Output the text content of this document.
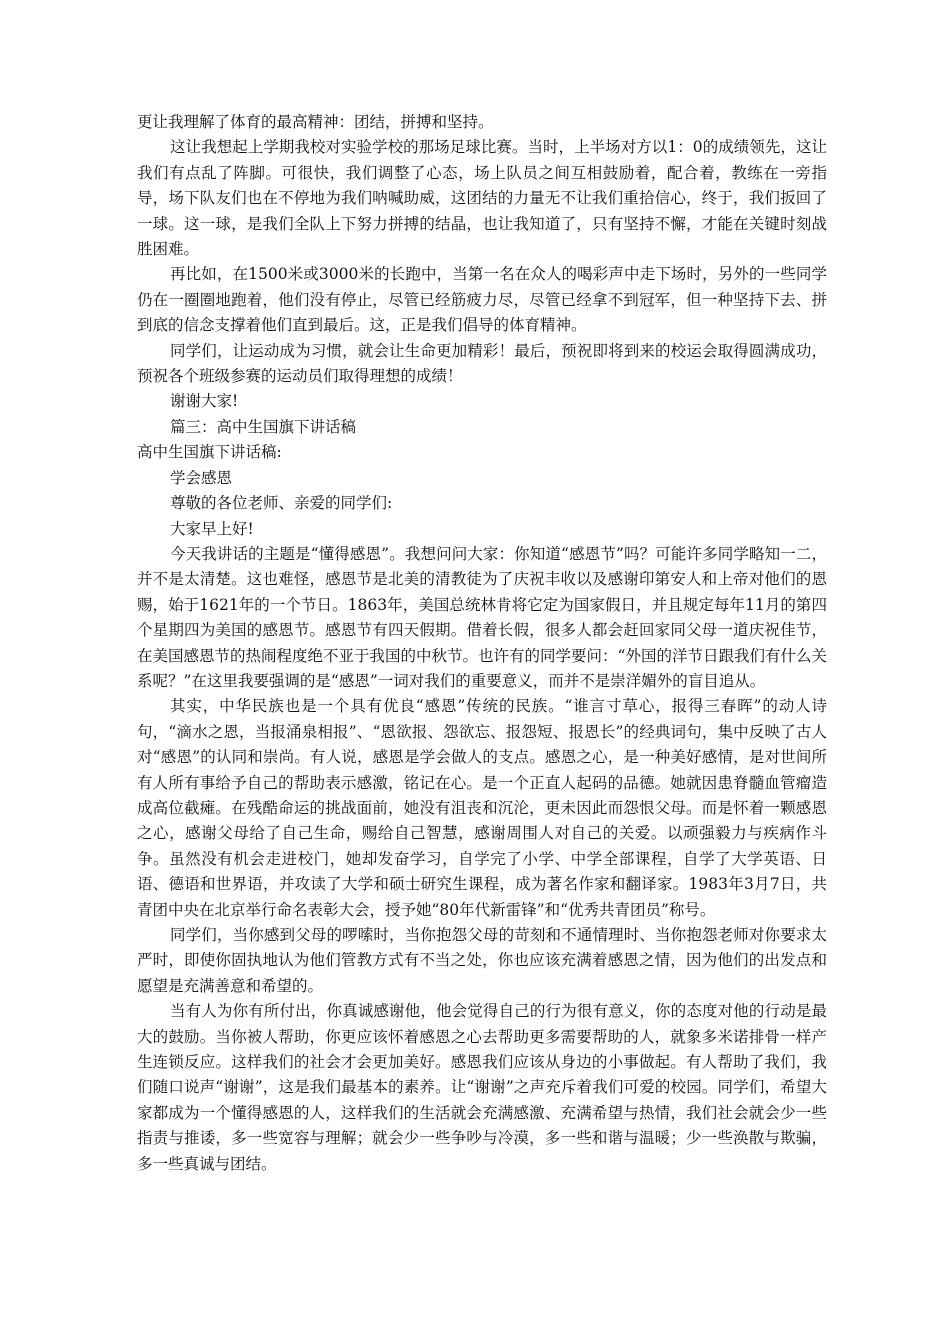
更让我理解了体育的最高精神：团结，拼搏和坚持。

这让我想起上学期我校对实验学校的那场足球比赛。当时，上半场对方以1：0的成绩领先，这让我们有点乱了阵脚。可很快，我们调整了心态，场上队员之间互相鼓励着，配合着，教练在一旁指导，场下队友们也在不停地为我们呐喊助威，这团结的力量无不让我们重拾信心，终于，我们扳回了一球。这一球，是我们全队上下努力拼搏的结晶，也让我知道了，只有坚持不懈，才能在关键时刻战胜困难。

再比如，在1500米或3000米的长跑中，当第一名在众人的喝彩声中走下场时，另外的一些同学仍在一圈圈地跑着，他们没有停止，尽管已经筋疲力尽，尽管已经拿不到冠军，但一种坚持下去、拼到底的信念支撑着他们直到最后。这，正是我们倡导的体育精神。

同学们，让运动成为习惯，就会让生命更加精彩！最后，预祝即将到来的校运会取得圆满成功，预祝各个班级参赛的运动员们取得理想的成绩！

谢谢大家!

篇三：高中生国旗下讲话稿

高中生国旗下讲话稿:

学会感恩

尊敬的各位老师、亲爱的同学们:

大家早上好!

今天我讲话的主题是“懂得感恩”。我想问问大家：你知道“感恩节”吗？可能许多同学略知一二，并不是太清楚。这也难怪，感恩节是北美的清教徒为了庆祝丰收以及感谢印第安人和上帝对他们的恩赐，始于1621年的一个节日。1863年，美国总统林肯将它定为国家假日，并且规定每年11月的第四个星期四为美国的感恩节。感恩节有四天假期。借着长假，很多人都会赶回家同父母一道庆祝佳节，在美国感恩节的热闹程度绝不亚于我国的中秋节。也许有的同学要问：“外国的洋节日跟我们有什么关系呢？”在这里我要强调的是“感恩”一词对我们的重要意义，而并不是崇洋媚外的盲目追从。

其实，中华民族也是一个具有优良“感恩”传统的民族。“谁言寸草心，报得三春晖”的动人诗句，“滴水之恩，当报涌泉相报”、“恩欲报、怨欲忘、报怨短、报恩长”的经典词句，集中反映了古人对“感恩”的认同和崇尚。有人说，感恩是学会做人的支点。感恩之心，是一种美好感情，是对世间所有人所有事给予自己的帮助表示感激，铭记在心。是一个正直人起码的品德。她就因患脊髓血管瘤造成高位截瘫。在残酷命运的挑战面前，她没有沮丧和沉沦，更未因此而怨恨父母。而是怀着一颗感恩之心，感谢父母给了自己生命，赐给自己智慧，感谢周围人对自己的关爱。以顽强毅力与疾病作斗争。虽然没有机会走进校门，她却发奋学习，自学完了小学、中学全部课程，自学了大学英语、日语、德语和世界语，并攻读了大学和硕士研究生课程，成为著名作家和翻译家。1983年3月7日，共青团中央在北京举行命名表彰大会，授予她“80年代新雷锋”和“优秀共青团员”称号。

同学们，当你感到父母的啰嗦时，当你抱怨父母的苛刻和不通情理时、当你抱怨老师对你要求太严时，即使你固执地认为他们管教方式有不当之处，你也应该充满着感恩之情，因为他们的出发点和愿望是充满善意和希望的。

当有人为你有所付出，你真诚感谢他，他会觉得自己的行为很有意义，你的态度对他的行动是最大的鼓励。当你被人帮助，你更应该怀着感恩之心去帮助更多需要帮助的人，就象多米诺排骨一样产生连锁反应。这样我们的社会才会更加美好。感恩我们应该从身边的小事做起。有人帮助了我们，我们随口说声“谢谢”，这是我们最基本的素养。让“谢谢”之声充斥着我们可爱的校园。同学们，希望大家都成为一个懂得感恩的人，这样我们的生活就会充满感激、充满希望与热情，我们社会就会少一些指责与推诿，多一些宽容与理解；就会少一些争吵与冷漠，多一些和谐与温暖；少一些涣散与欺骗，多一些真诚与团结。
